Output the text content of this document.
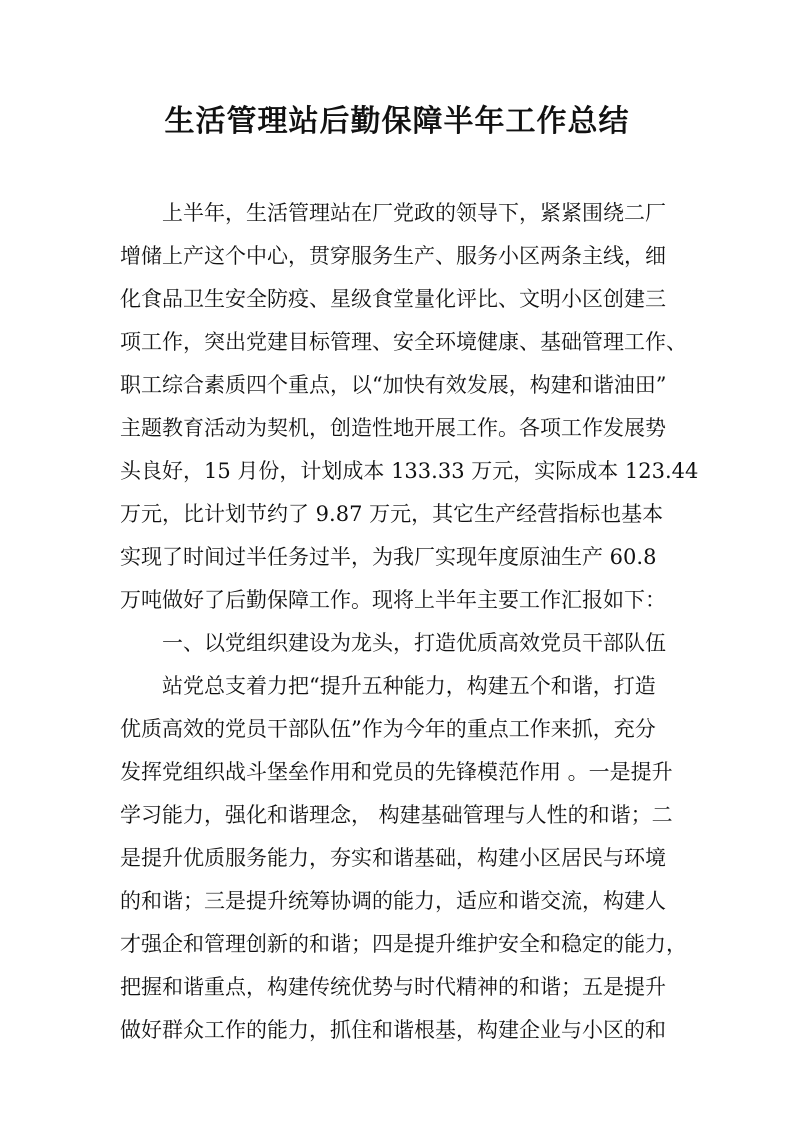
生活管理站后勤保障半年工作总结
　　上半年，生活管理站在厂党政的领导下，紧紧围绕二厂
增储上产这个中心，贯穿服务生产、服务小区两条主线，细
化食品卫生安全防疫、星级食堂量化评比、文明小区创建三
项工作，突出党建目标管理、安全环境健康、基础管理工作、
职工综合素质四个重点，以“加快有效发展，构建和谐油田”
主题教育活动为契机，创造性地开展工作。各项工作发展势
头良好，15 月份，计划成本 133.33 万元，实际成本 123.44
万元，比计划节约了 9.87 万元，其它生产经营指标也基本
实现了时间过半任务过半，为我厂实现年度原油生产 60.8
万吨做好了后勤保障工作。现将上半年主要工作汇报如下：
　　一、以党组织建设为龙头，打造优质高效党员干部队伍
　　站党总支着力把“提升五种能力，构建五个和谐，打造
优质高效的党员干部队伍”作为今年的重点工作来抓，充分
发挥党组织战斗堡垒作用和党员的先锋模范作用 。一是提升
学习能力，强化和谐理念， 构建基础管理与人性的和谐；二
是提升优质服务能力，夯实和谐基础，构建小区居民与环境
的和谐；三是提升统筹协调的能力，适应和谐交流，构建人
才强企和管理创新的和谐；四是提升维护安全和稳定的能力，
把握和谐重点，构建传统优势与时代精神的和谐；五是提升
做好群众工作的能力，抓住和谐根基，构建企业与小区的和
